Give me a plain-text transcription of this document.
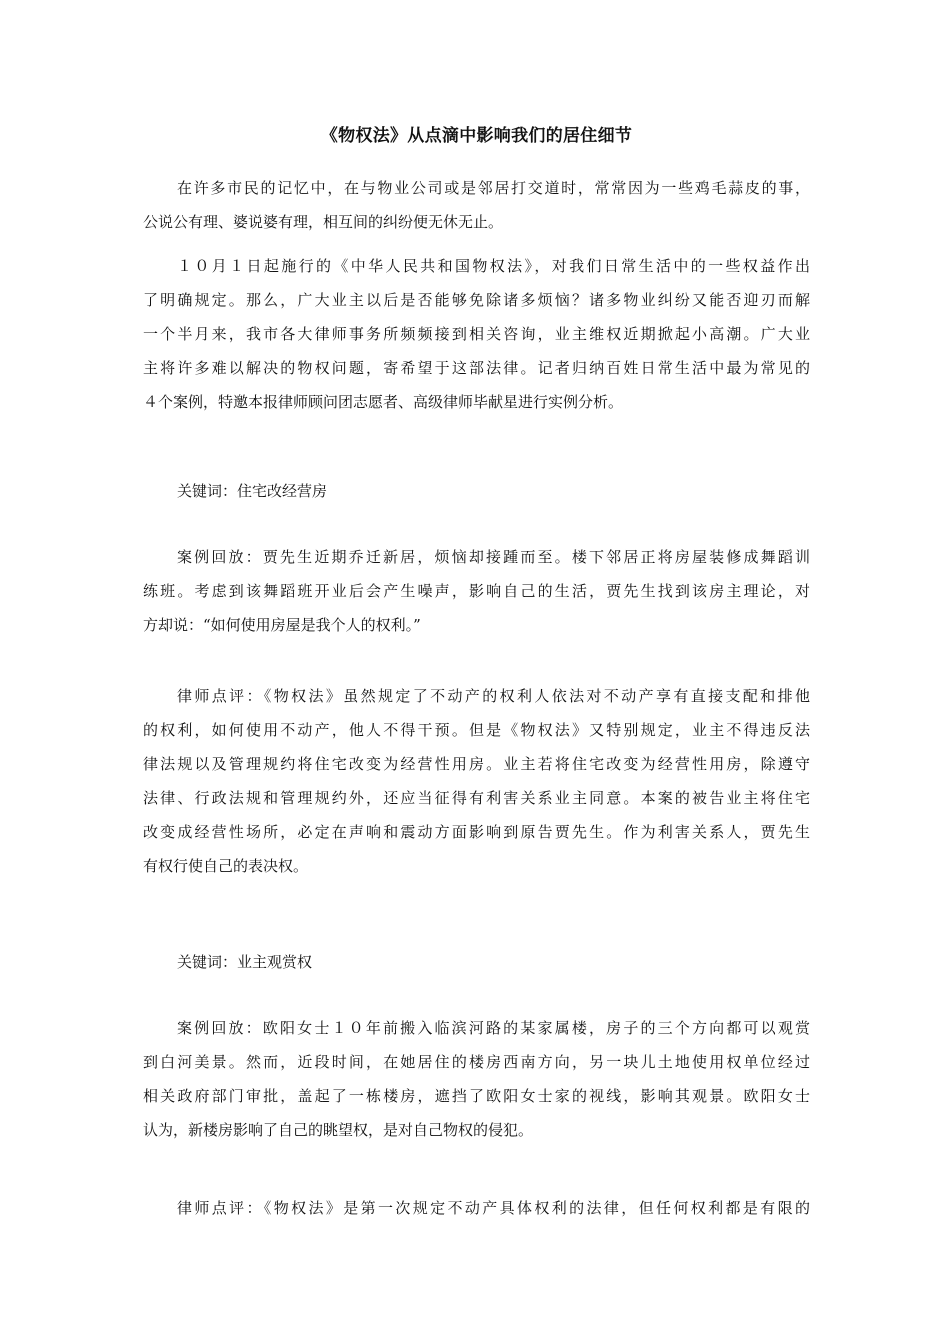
《物权法》从点滴中影响我们的居住细节
在许多市民的记忆中，在与物业公司或是邻居打交道时，常常因为一些鸡毛蒜皮的事，
公说公有理、婆说婆有理，相互间的纠纷便无休无止。
１０月１日起施行的《中华人民共和国物权法》，对我们日常生活中的一些权益作出
了明确规定。那么，广大业主以后是否能够免除诸多烦恼？诸多物业纠纷又能否迎刃而解
一个半月来，我市各大律师事务所频频接到相关咨询，业主维权近期掀起小高潮。广大业
主将许多难以解决的物权问题，寄希望于这部法律。记者归纳百姓日常生活中最为常见的
４个案例，特邀本报律师顾问团志愿者、高级律师毕献星进行实例分析。
关键词：住宅改经营房
案例回放：贾先生近期乔迁新居，烦恼却接踵而至。楼下邻居正将房屋装修成舞蹈训
练班。考虑到该舞蹈班开业后会产生噪声，影响自己的生活，贾先生找到该房主理论，对
方却说：“如何使用房屋是我个人的权利。”
律师点评：《物权法》虽然规定了不动产的权利人依法对不动产享有直接支配和排他
的权利，如何使用不动产，他人不得干预。但是《物权法》又特别规定，业主不得违反法
律法规以及管理规约将住宅改变为经营性用房。业主若将住宅改变为经营性用房，除遵守
法律、行政法规和管理规约外，还应当征得有利害关系业主同意。本案的被告业主将住宅
改变成经营性场所，必定在声响和震动方面影响到原告贾先生。作为利害关系人，贾先生
有权行使自己的表决权。
关键词：业主观赏权
案例回放：欧阳女士１０年前搬入临滨河路的某家属楼，房子的三个方向都可以观赏
到白河美景。然而，近段时间，在她居住的楼房西南方向，另一块儿土地使用权单位经过
相关政府部门审批，盖起了一栋楼房，遮挡了欧阳女士家的视线，影响其观景。欧阳女士
认为，新楼房影响了自己的眺望权，是对自己物权的侵犯。
律师点评：《物权法》是第一次规定不动产具体权利的法律，但任何权利都是有限的
